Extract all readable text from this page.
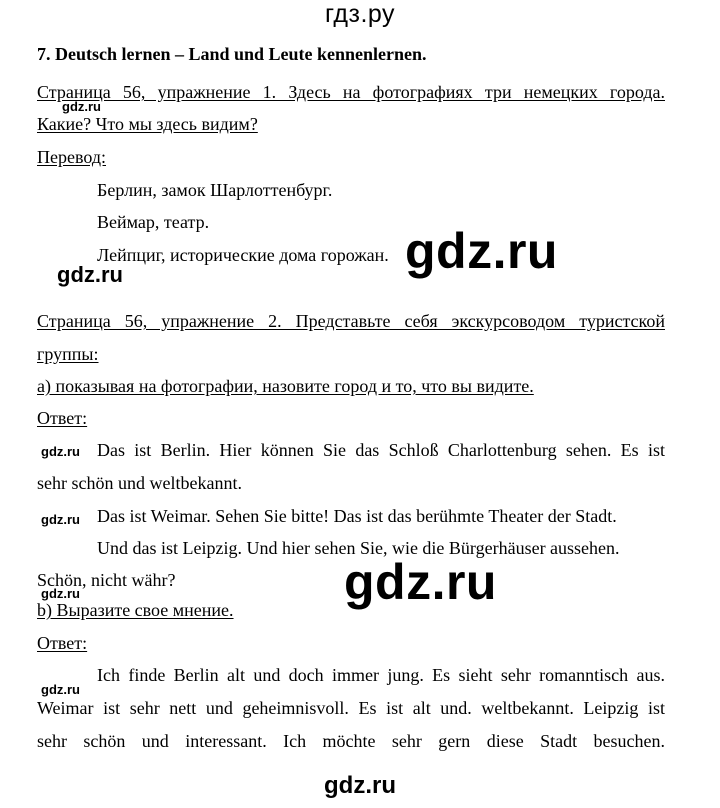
гдз.ру
7. Deutsch lernen – Land und Leute kennenlernen.
Страница 56, упражнение 1. Здесь на фотографиях три немецких города.
gdz.ru
Какие? Что мы здесь видим?
Перевод:
Берлин, замок Шарлоттенбург.
Веймар, театр.
Лейпциг, исторические дома горожан. gdz.ru
gdz.ru
Страница 56, упражнение 2. Представьте себя экскурсоводом туристской
группы:
а) показывая на фотографии, назовите город и то, что вы видите.
Ответ:
gdz.ru Das ist Berlin. Hier können Sie das Schloß Charlottenburg sehen. Es ist
sehr schön und weltbekannt.
gdz.ru Das ist Weimar. Sehen Sie bitte! Das ist das berühmte Theater der Stadt.
Und das ist Leipzig. Und hier sehen Sie, wie die Bürgerhäuser aussehen.
Schön, nicht währ?	gdz.ru
gdz.ru
b) Выразите свое мнение.
Ответ:
gdz.ru
Ich finde Berlin alt und doch immer jung. Es sieht sehr romanntisch aus.
Weimar ist sehr nett und geheimnisvoll. Es ist alt und. weltbekannt. Leipzig ist
sehr schön und interessant. Ich möchte sehr gern diese Stadt besuchen.
gdz.ru
